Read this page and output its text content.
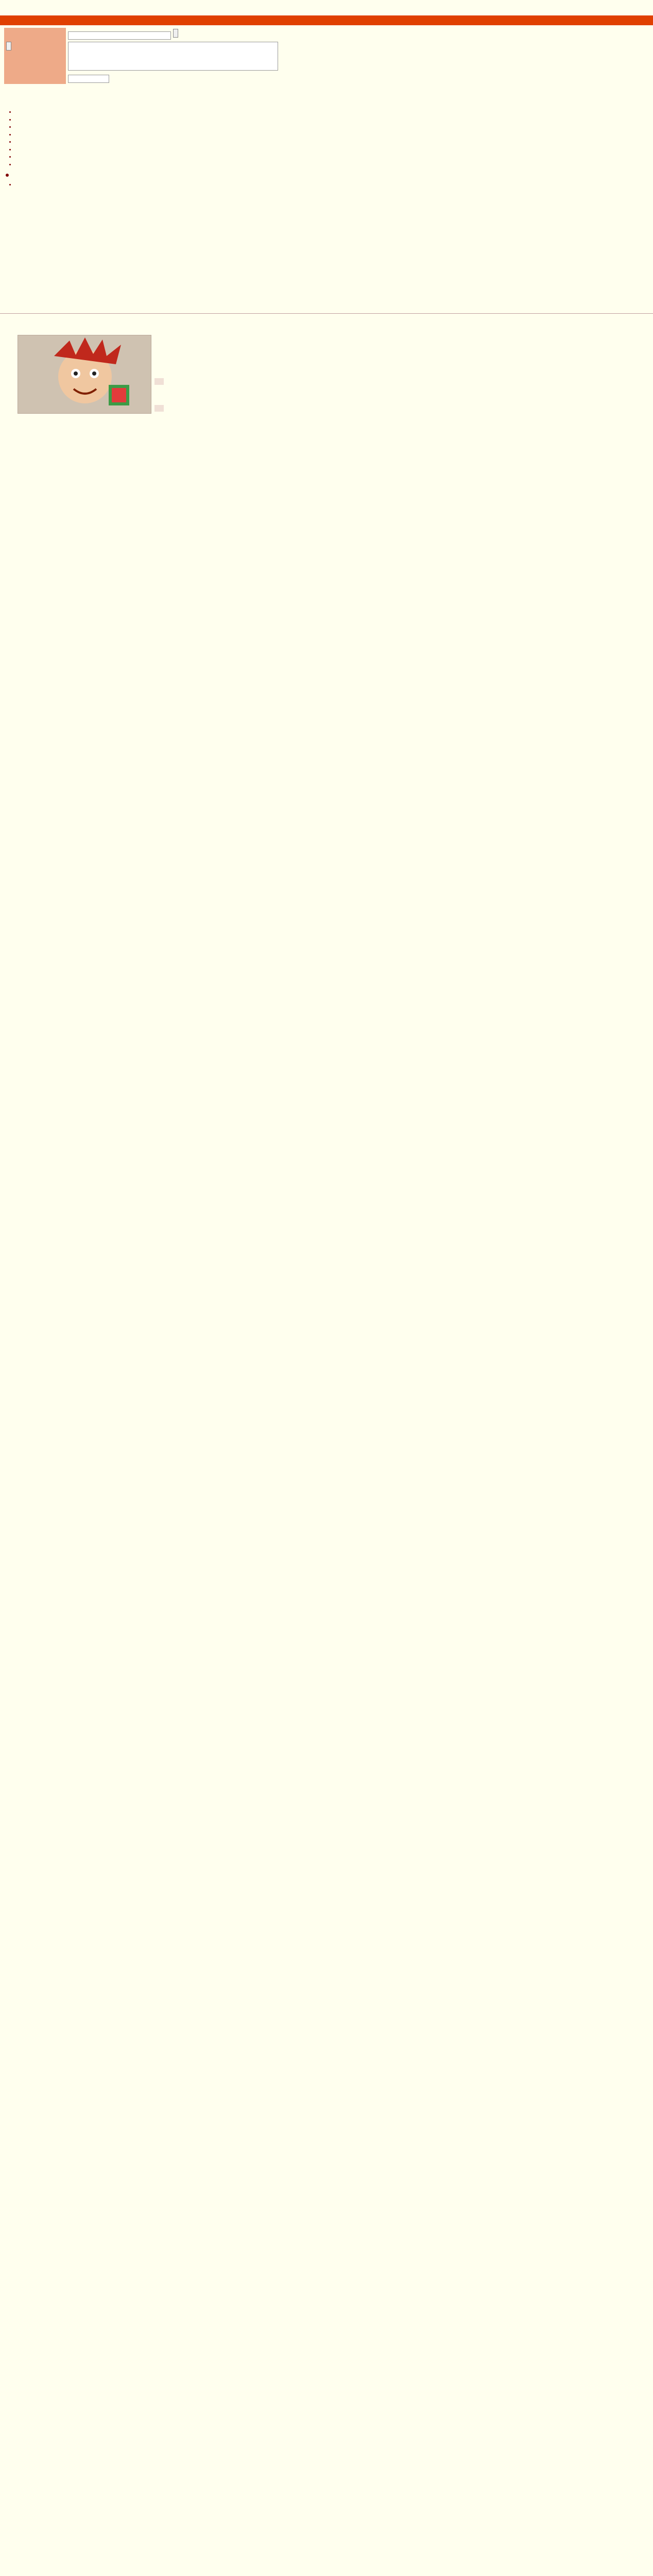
•
•
•
•
•
•
•
•
•
•
